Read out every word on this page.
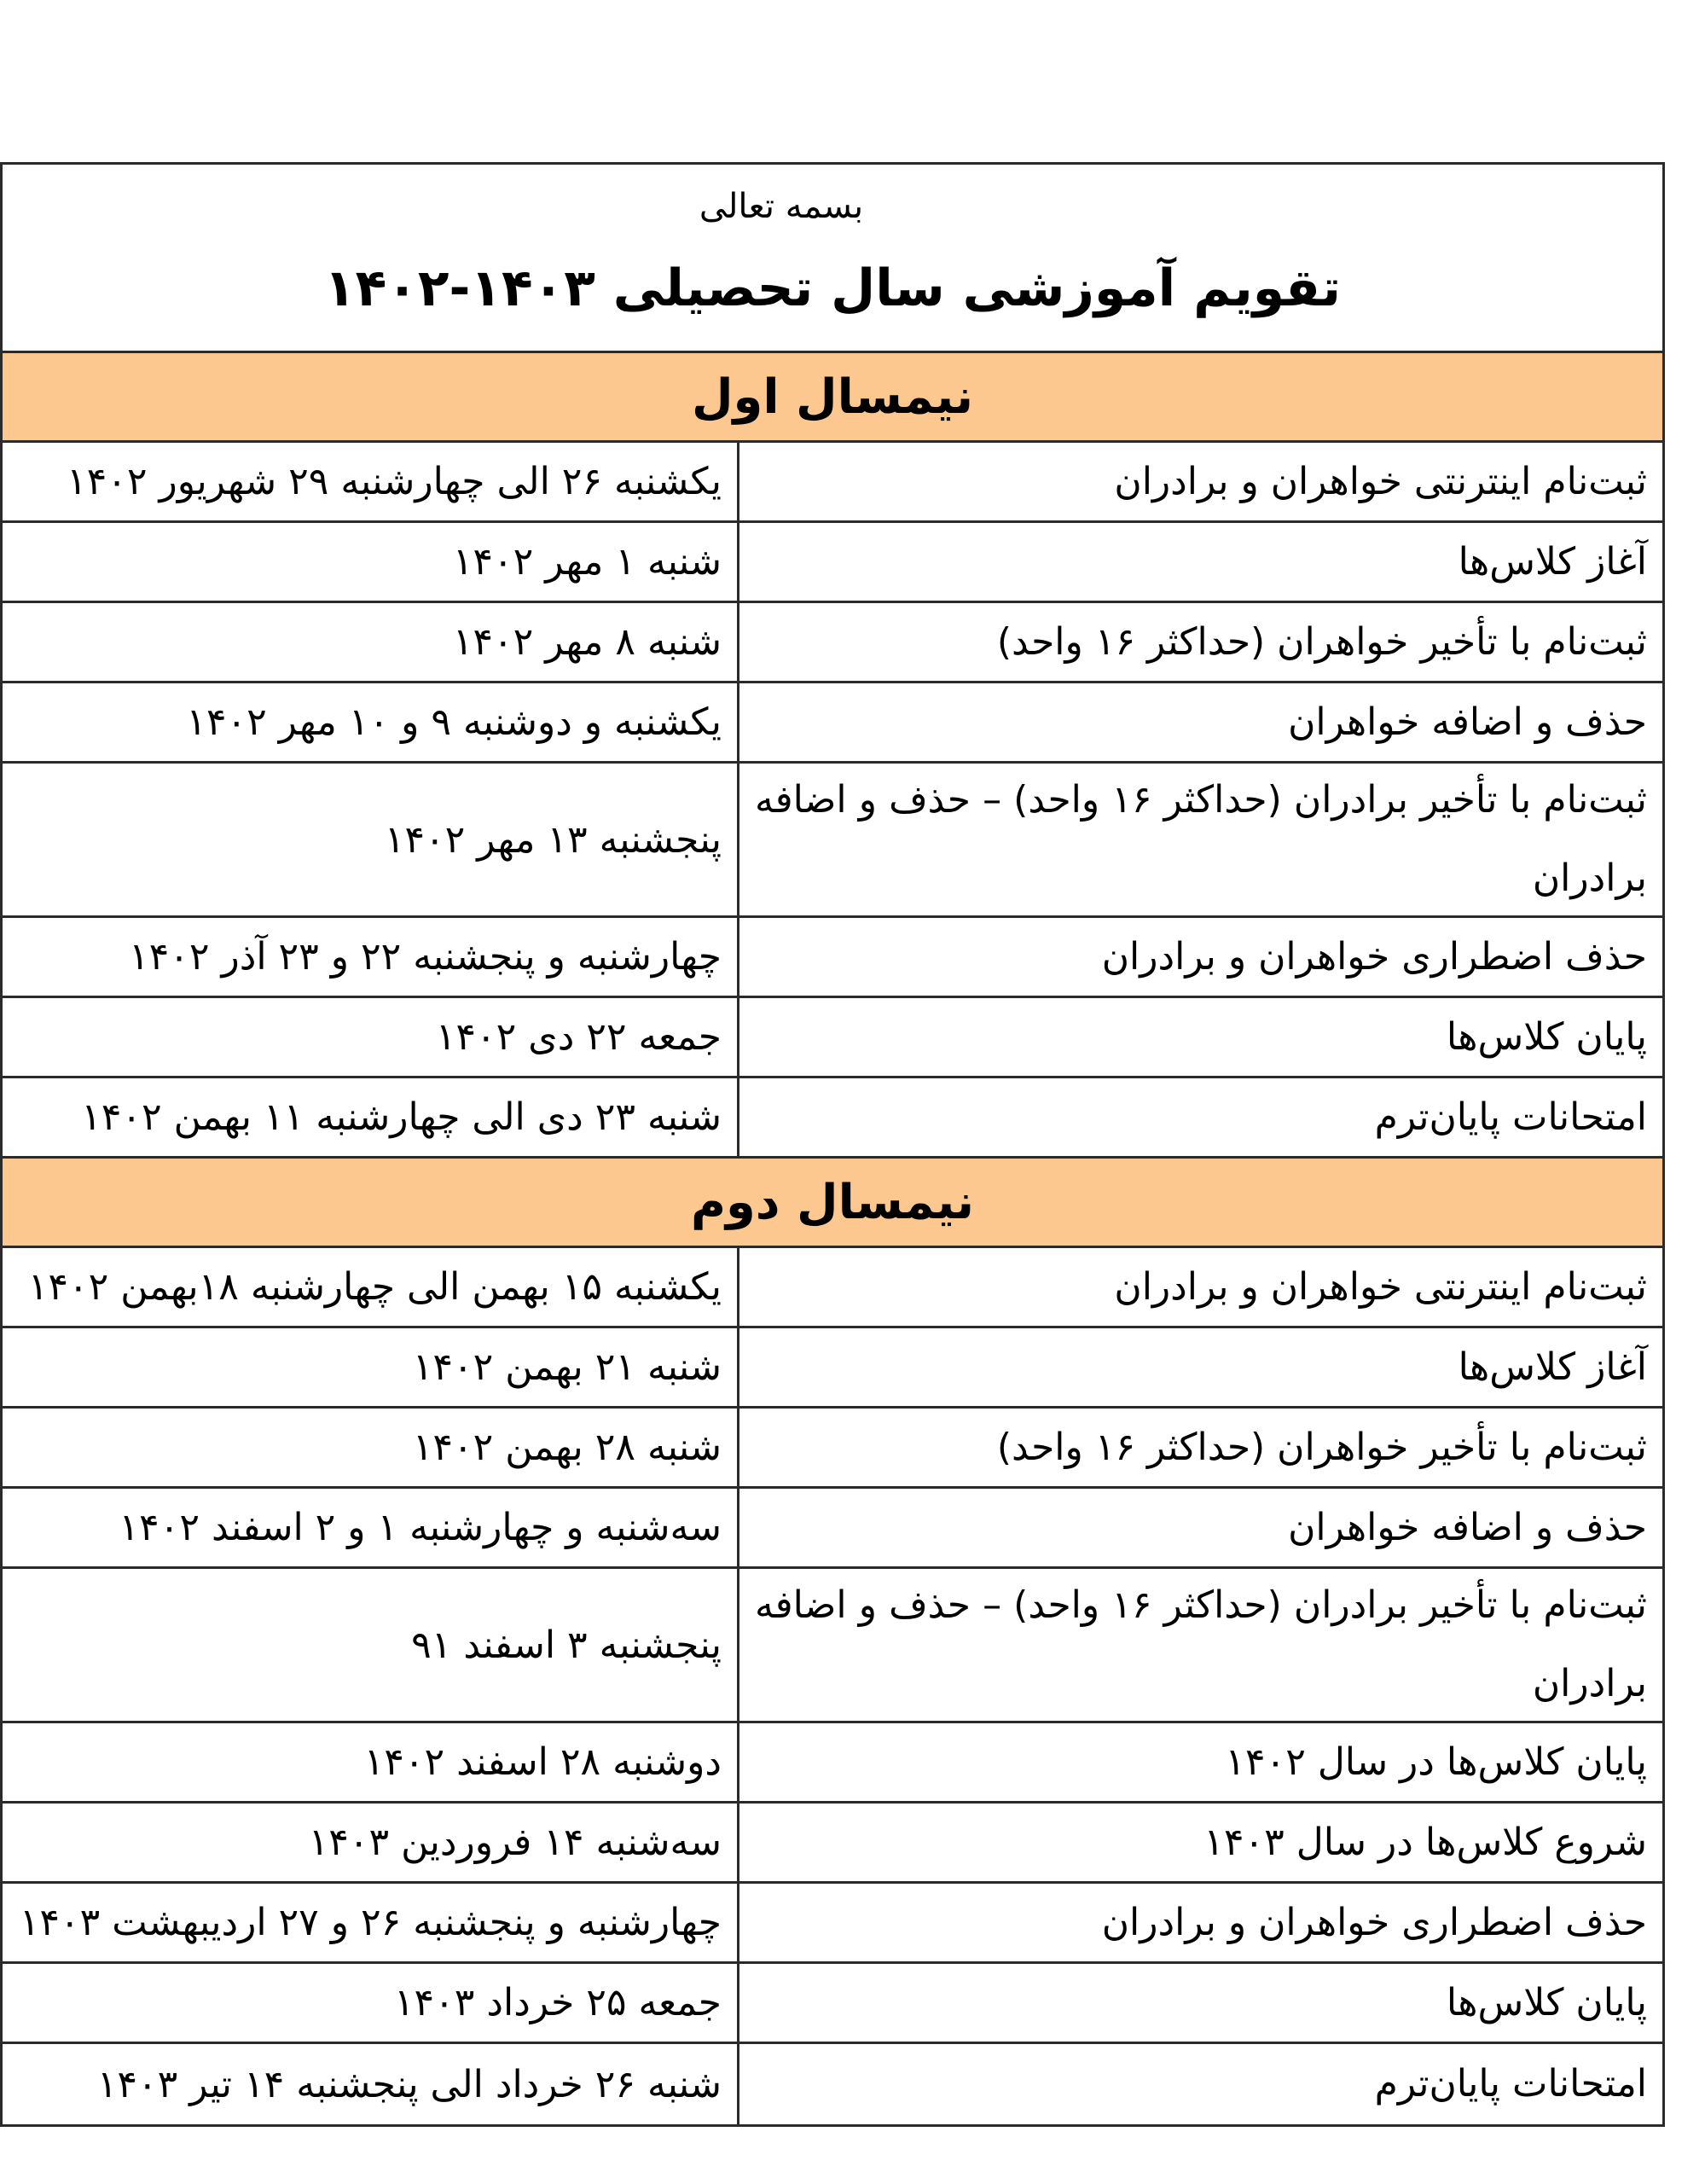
بسمه تعالی
تقویم آموزشی سال تحصیلی ۱۴۰۳-۱۴۰۲
نیمسال اول
ثبت‌نام اینترنتی خواهران و برادران
یکشنبه ۲۶ الی چهارشنبه ۲۹ شهریور ۱۴۰۲
آغاز کلاس‌ها
شنبه ۱ مهر ۱۴۰۲
ثبت‌نام با تأخیر خواهران (حداکثر ۱۶ واحد)
شنبه ۸ مهر ۱۴۰۲
حذف و اضافه خواهران
یکشنبه و دوشنبه ۹ و ۱۰ مهر ۱۴۰۲
ثبت‌نام با تأخیر برادران (حداکثر ۱۶ واحد) – حذف و اضافه برادران
پنجشنبه ۱۳ مهر ۱۴۰۲
حذف اضطراری خواهران و برادران
چهارشنبه و پنجشنبه ۲۲ و ۲۳ آذر ۱۴۰۲
پایان کلاس‌ها
جمعه ۲۲ دی ۱۴۰۲
امتحانات پایان‌ترم
شنبه ۲۳ دی الی چهارشنبه ۱۱ بهمن ۱۴۰۲
نیمسال دوم
ثبت‌نام اینترنتی خواهران و برادران
یکشنبه ۱۵ بهمن الی چهارشنبه ۱۸بهمن ۱۴۰۲
آغاز کلاس‌ها
شنبه ۲۱ بهمن ۱۴۰۲
ثبت‌نام با تأخیر خواهران (حداکثر ۱۶ واحد)
شنبه ۲۸ بهمن ۱۴۰۲
حذف و اضافه خواهران
سه‌شنبه و چهارشنبه ۱ و ۲ اسفند ۱۴۰۲
ثبت‌نام با تأخیر برادران (حداکثر ۱۶ واحد) – حذف و اضافه برادران
پنجشنبه ۳ اسفند ۹۱
پایان کلاس‌ها در سال ۱۴۰۲
دوشنبه ۲۸ اسفند ۱۴۰۲
شروع کلاس‌ها در سال ۱۴۰۳
سه‌شنبه ۱۴ فروردین ۱۴۰۳
حذف اضطراری خواهران و برادران
چهارشنبه و پنجشنبه ۲۶ و ۲۷ اردیبهشت ۱۴۰۳
پایان کلاس‌ها
جمعه ۲۵ خرداد ۱۴۰۳
امتحانات پایان‌ترم
شنبه ۲۶ خرداد الی پنجشنبه ۱۴ تیر ۱۴۰۳
